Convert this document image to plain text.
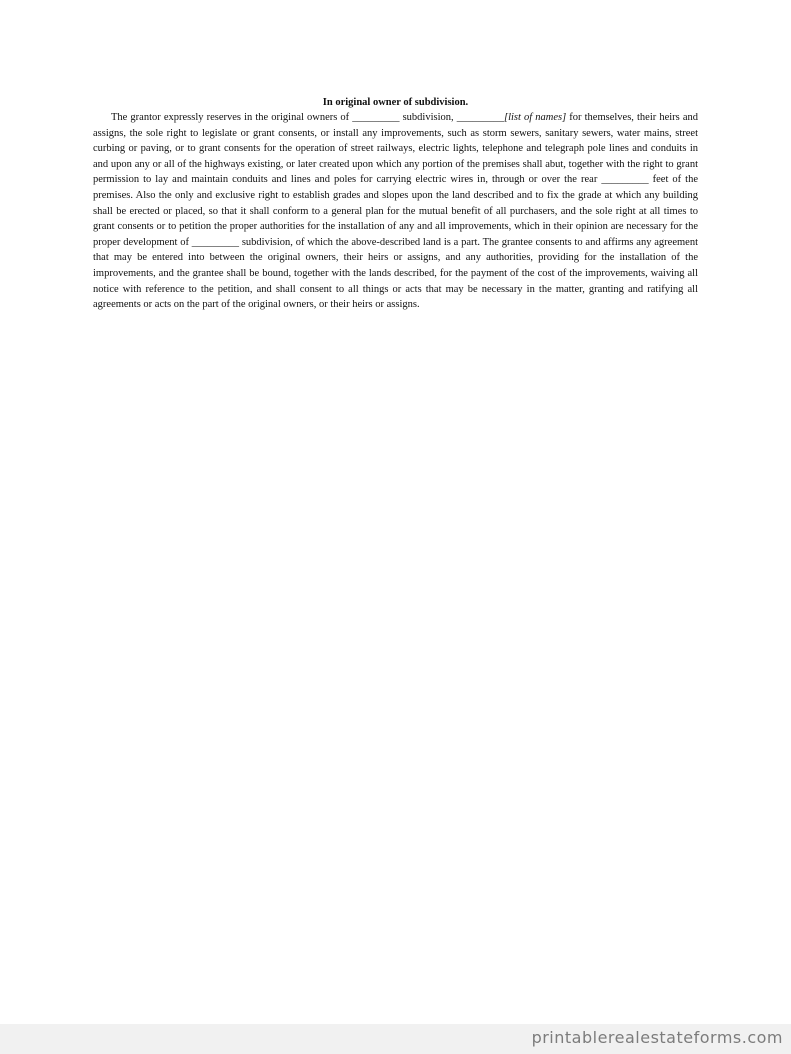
In original owner of subdivision.

The grantor expressly reserves in the original owners of _________ subdivision, _________[list of names] for themselves, their heirs and assigns, the sole right to legislate or grant consents, or install any improvements, such as storm sewers, sanitary sewers, water mains, street curbing or paving, or to grant consents for the operation of street railways, electric lights, telephone and telegraph pole lines and conduits in and upon any or all of the highways existing, or later created upon which any portion of the premises shall abut, together with the right to grant permission to lay and maintain conduits and lines and poles for carrying electric wires in, through or over the rear _________ feet of the premises. Also the only and exclusive right to establish grades and slopes upon the land described and to fix the grade at which any building shall be erected or placed, so that it shall conform to a general plan for the mutual benefit of all purchasers, and the sole right at all times to grant consents or to petition the proper authorities for the installation of any and all improvements, which in their opinion are necessary for the proper development of _________ subdivision, of which the above-described land is a part. The grantee consents to and affirms any agreement that may be entered into between the original owners, their heirs or assigns, and any authorities, providing for the installation of the improvements, and the grantee shall be bound, together with the lands described, for the payment of the cost of the improvements, waiving all notice with reference to the petition, and shall consent to all things or acts that may be necessary in the matter, granting and ratifying all agreements or acts on the part of the original owners, or their heirs or assigns.

printablerealestateforms.com
